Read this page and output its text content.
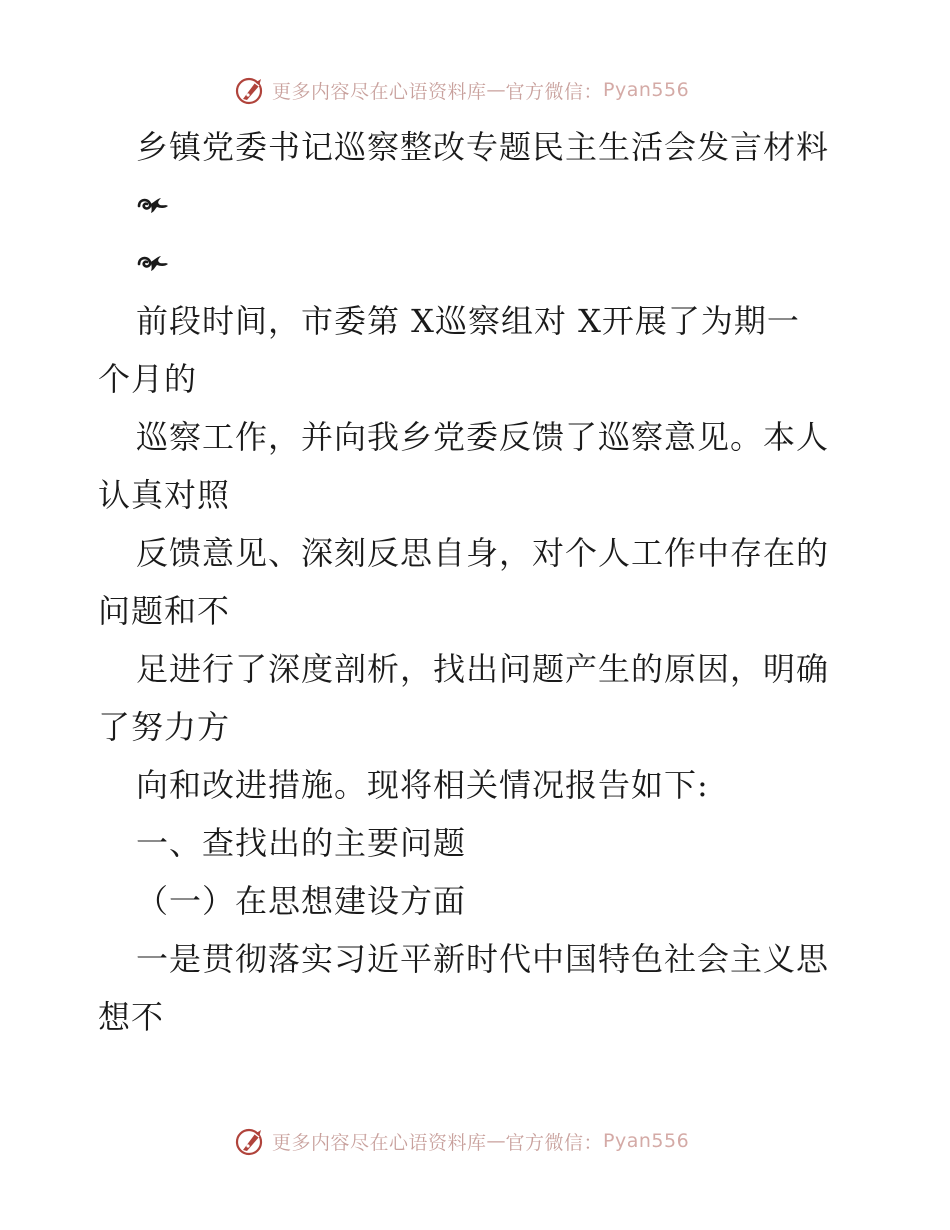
更多内容尽在心语资料库 — 官方微信： Pyan556
乡镇党委书记巡察整改专题民主生活会发言材料
前段时间，市委第 X巡察组对 X开展了为期一
个月的
巡察工作，并向我乡党委反馈了巡察意见。本人
认真对照
反馈意见、深刻反思自身，对个人工作中存在的
问题和不
足进行了深度剖析，找出问题产生的原因，明确
了努力方
向和改进措施。现将相关情况报告如下:
一、查找出的主要问题
（一）在思想建设方面
一是贯彻落实习近平新时代中国特色社会主义思
想不
更多内容尽在心语资料库 — 官方微信： Pyan556
